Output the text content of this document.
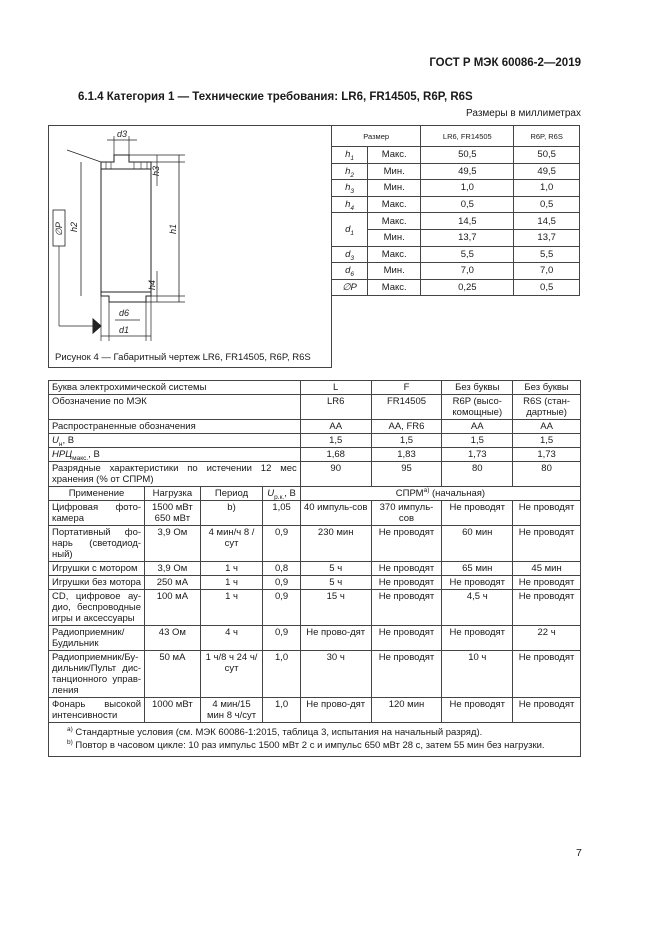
ГОСТ Р МЭК 60086-2—2019
6.1.4 Категория 1 — Технические требования: LR6, FR14505, R6P, R6S
Размеры в миллиметрах
d3
h3
h2	h1
h4
d6
d1
∅P
Рисунок 4 — Габаритный чертеж LR6, FR14505, R6P, R6S
Размер		LR6, FR14505	R6P, R6S
$h_1$	Макс.	50,5	50,5
$h_2$	Мин.	49,5	49,5
$h_3$	Мин.	1,0	1,0
$h_4$	Макс.	0,5	0,5
$d_1$	Макс.	14,5	14,5
	Мин.	13,7	13,7
$d_3$	Макс.	5,5	5,5
$d_6$	Мин.	7,0	7,0
∅P	Макс.	0,25	0,5
Буква электрохимической системы				L	F	Без буквы	Без буквы
Обозначение по МЭК				LR6	FR14505	R6P (высо-комощные)	R6S (стан-дартные)
Распространенные обозначения				AA	AA, FR6	AA	AA
$U_н$, В				1,5	1,5	1,5	1,5
$НРЦ_{макс.}$, В				1,68	1,83	1,73	1,73
Разрядные характеристики по истечении 12 мес хранения (% от СПРМ)				90	95	80	80
Применение	Нагрузка	Период	$U_{р.к.}$, В	$СПРМ^{а)}$ (начальная)			
Цифровая фото-камера	1500 мВт 650 мВт	b)	1,05	40 импуль-сов	370 импуль-сов	Не проводят	Не проводят
Портативный фо-нарь (светодиод-ный)	3,9 Ом	4 мин/ч 8 /сут	0,9	230 мин	Не проводят	60 мин	Не проводят
Игрушки с мотором	3,9 Ом	1 ч	0,8	5 ч	Не проводят	65 мин	45 мин
Игрушки без мотора	250 мА	1 ч	0,9	5 ч	Не проводят	Не проводят	Не проводят
CD, цифровое ау-дио, беспроводные игры и аксессуары	100 мА	1 ч	0,9	15 ч	Не проводят	4,5 ч	Не проводят
Радиоприемник/ Будильник	43 Ом	4 ч	0,9	Не прово-дят	Не проводят	Не проводят	22 ч
Радиоприемник/Бу-дильник/Пульт дис-танционного управ-ления	50 мА	1 ч/8 ч 24 ч/сут	1,0	30 ч	Не проводят	10 ч	Не проводят
Фонарь высокой интенсивности	1000 мВт	4 мин/15 мин 8 ч/сут	1,0	Не прово-дят	120 мин	Не проводят	Не проводят

$^{а)}$ Стандартные условия (см. МЭК 60086-1:2015, таблица 3, испытания на начальный разряд).
$^{b)}$ Повтор в часовом цикле: 10 раз импульс 1500 мВт 2 с и импульс 650 мВт 28 с, затем 55 мин без нагрузки.							
7
